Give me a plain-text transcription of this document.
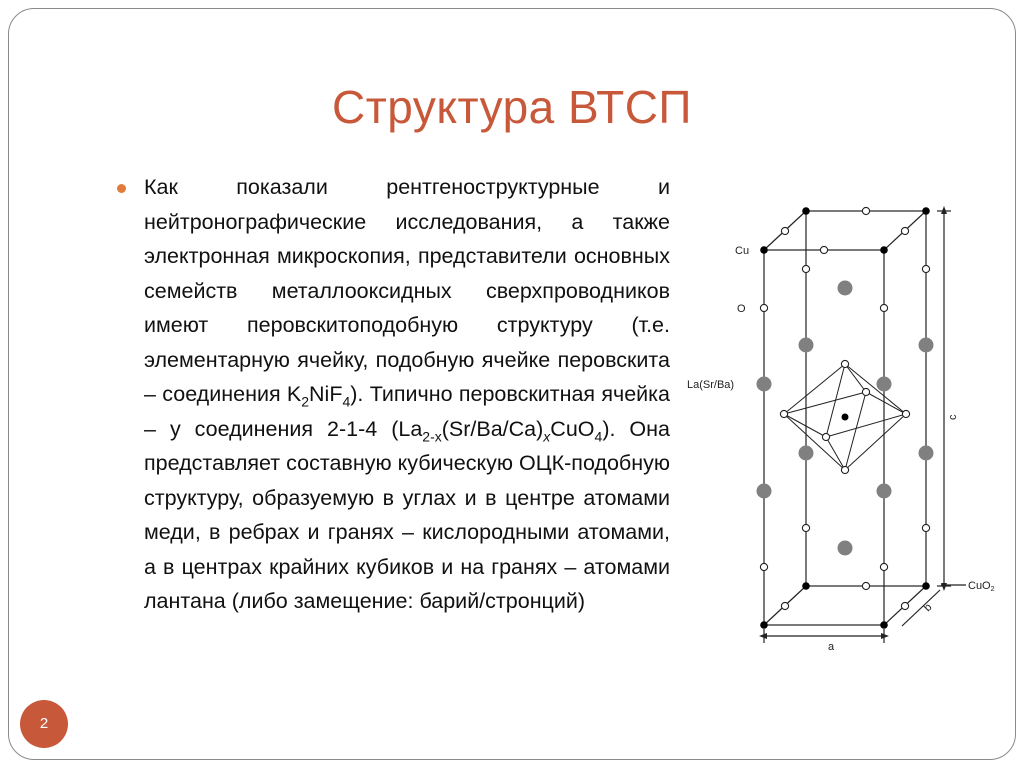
Структура ВТСП
Как показали рентгеноструктурные и нейтронографические исследования, а также электронная микроскопия, представители основных семейств металлооксидных сверхпроводников имеют перовскитоподобную структуру (т.е. элементарную ячейку, подобную ячейке перовскита – соединения $K_2NiF_4$). Типично перовскитная ячейка – у соединения 2-1-4 $(La_{2-x}(Sr/Ba/Ca)_xCuO_4)$. Она представляет составную кубическую ОЦК-подобную структуру, образуемую в углах и в центре атомами меди, в ребрах и гранях – кислородными атомами, а в центрах крайних кубиков и на гранях – атомами лантана (либо замещение: барий/стронций)
Cu
O
La(Sr/Ba)
CuO2
a
b
c
2
